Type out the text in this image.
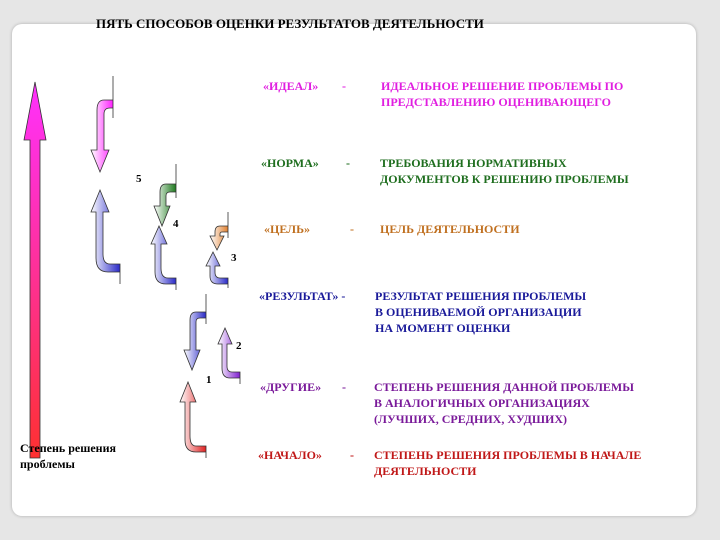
ПЯТЬ СПОСОБОВ ОЦЕНКИ РЕЗУЛЬТАТОВ ДЕЯТЕЛЬНОСТИ
5
4
3
2
1
«ИДЕАЛ» -	ИДЕАЛЬНОЕ РЕШЕНИЕ ПРОБЛЕМЫ ПО
ПРЕДСТАВЛЕНИЮ ОЦЕНИВАЮЩЕГО
«НОРМА» -	ТРЕБОВАНИЯ НОРМАТИВНЫХ
ДОКУМЕНТОВ К РЕШЕНИЮ ПРОБЛЕМЫ
«ЦЕЛЬ»	- ЦЕЛЬ ДЕЯТЕЛЬНОСТИ
«РЕЗУЛЬТАТ» - РЕЗУЛЬТАТ РЕШЕНИЯ ПРОБЛЕМЫ
В ОЦЕНИВАЕМОЙ ОРГАНИЗАЦИИ
НА МОМЕНТ ОЦЕНКИ
«ДРУГИЕ» - СТЕПЕНЬ РЕШЕНИЯ ДАННОЙ ПРОБЛЕМЫ
В АНАЛОГИЧНЫХ ОРГАНИЗАЦИЯХ
(ЛУЧШИХ, СРЕДНИХ, ХУДШИХ)
«НАЧАЛО» - СТЕПЕНЬ РЕШЕНИЯ ПРОБЛЕМЫ В НАЧАЛЕ
ДЕЯТЕЛЬНОСТИ
Степень решения проблемы
